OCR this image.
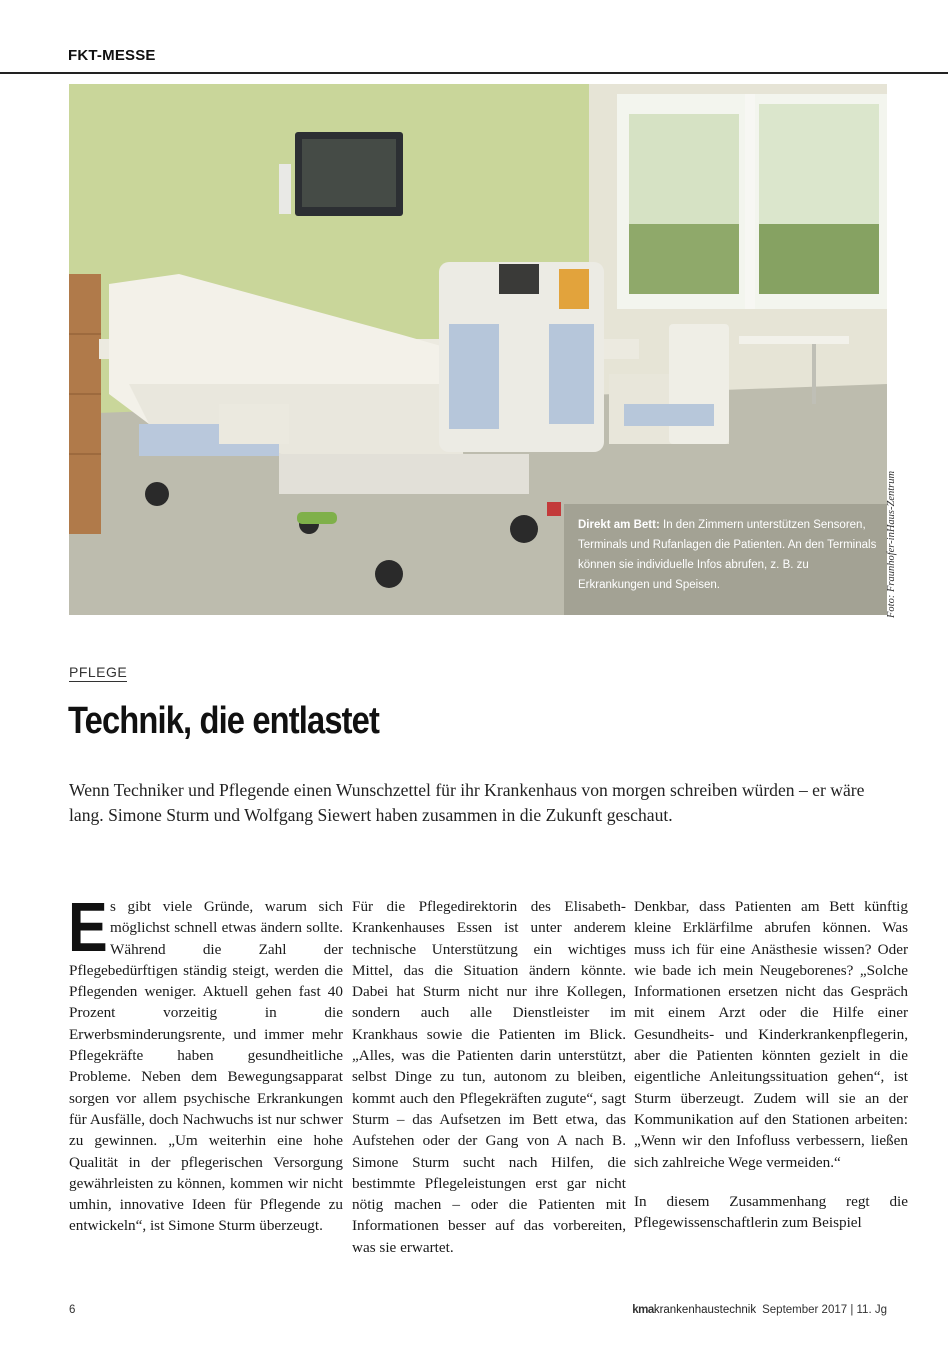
FKT-MESSE
Direkt am Bett: In den Zimmern unterstützen Sensoren, Terminals und Rufanlagen die Patienten. An den Terminals können sie individuelle Infos abrufen, z. B. zu Erkrankungen und Speisen.	Foto: Fraunhofer-inHaus-Zentrum
PFLEGE
Technik, die entlastet
Wenn Techniker und Pflegende einen Wunschzettel für ihr Krankenhaus von morgen schreiben würden – er wäre lang. Simone Sturm und Wolfgang Siewert haben zusammen in die Zukunft geschaut.

Es gibt viele Gründe, warum sich möglichst schnell etwas ändern sollte. Während die Zahl der Pflegebedürftigen ständig steigt, werden die Pflegenden weniger. Aktuell gehen fast 40 Prozent vorzeitig in die Erwerbsminderungsrente, und immer mehr Pflegekräfte haben gesundheitliche Probleme. Neben dem Bewegungsapparat sorgen vor allem psychische Erkrankungen für Ausfälle, doch Nachwuchs ist nur schwer zu gewinnen. „Um weiterhin eine hohe Qualität in der pflegerischen Versorgung gewährleisten zu können, kommen wir nicht umhin, innovative Ideen für Pflegende zu entwickeln“, ist Simone Sturm überzeugt.

Für die Pflegedirektorin des Elisabeth-Krankenhauses Essen ist unter anderem technische Unterstützung ein wichtiges Mittel, das die Situation ändern könnte. Dabei hat Sturm nicht nur ihre Kollegen, sondern auch alle Dienstleister im Krankhaus sowie die Patienten im Blick. „Alles, was die Patienten darin unterstützt, selbst Dinge zu tun, autonom zu bleiben, kommt auch den Pflegekräften zugute“, sagt Sturm – das Aufsetzen im Bett etwa, das Aufstehen oder der Gang von A nach B. Simone Sturm sucht nach Hilfen, die bestimmte Pflegeleistungen erst gar nicht nötig machen – oder die Patienten mit Informationen besser auf das vorbereiten, was sie erwartet.

Denkbar, dass Patienten am Bett künftig kleine Erklärfilme abrufen können. Was muss ich für eine Anästhesie wissen? Oder wie bade ich mein Neugeborenes? „Solche Informationen ersetzen nicht das Gespräch mit einem Arzt oder die Hilfe einer Gesundheits- und Kinderkrankenpflegerin, aber die Patienten könnten gezielt in die eigentliche Anleitungssituation gehen“, ist Sturm überzeugt. Zudem will sie an der Kommunikation auf den Stationen arbeiten: „Wenn wir den Infofluss verbessern, ließen sich zahlreiche Wege vermeiden.“

In diesem Zusammenhang regt die Pflegewissenschaftlerin zum Beispiel

6	kmakrankenhaustechnik September 2017 | 11. Jg
